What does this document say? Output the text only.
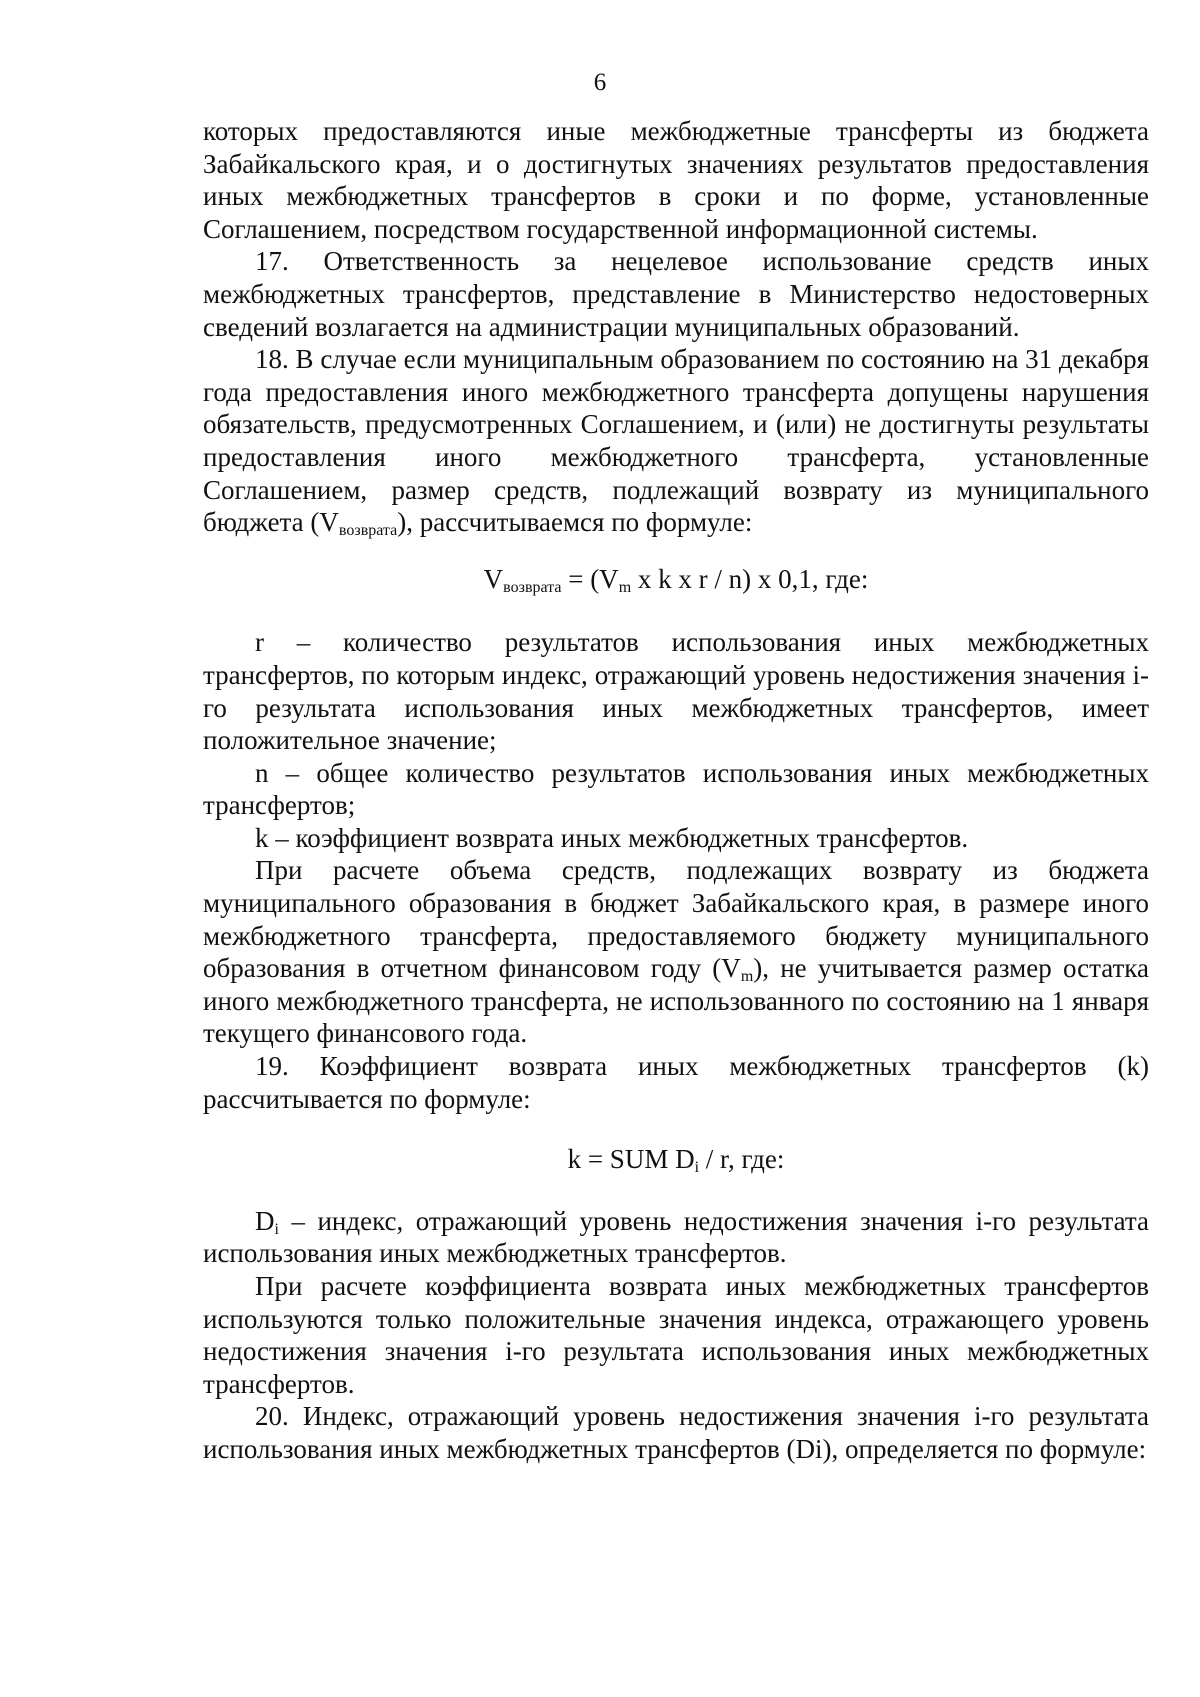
6

которых предоставляются иные межбюджетные трансферты из бюджета Забайкальского края, и о достигнутых значениях результатов предоставления иных межбюджетных трансфертов в сроки и по форме, установленные Соглашением, посредством государственной информационной системы.

17. Ответственность за нецелевое использование средств иных межбюджетных трансфертов, представление в Министерство недостоверных сведений возлагается на администрации муниципальных образований.

18. В случае если муниципальным образованием по состоянию на 31 декабря года предоставления иного межбюджетного трансферта допущены нарушения обязательств, предусмотренных Соглашением, и (или) не достигнуты результаты предоставления иного межбюджетного трансферта, установленные Соглашением, размер средств, подлежащий возврату из муниципального бюджета $(V_{возврата})$, рассчитываемся по формуле:

$V_{возврата} = (V_m$ x k x r / n) x 0,1, где:

r – количество результатов использования иных межбюджетных трансфертов, по которым индекс, отражающий уровень недостижения значения i-го результата использования иных межбюджетных трансфертов, имеет положительное значение;

n – общее количество результатов использования иных межбюджетных трансфертов;

k – коэффициент возврата иных межбюджетных трансфертов.

При расчете объема средств, подлежащих возврату из бюджета муниципального образования в бюджет Забайкальского края, в размере иного межбюджетного трансферта, предоставляемого бюджету муниципального образования в отчетном финансовом году $(V_m)$, не учитывается размер остатка иного межбюджетного трансферта, не использованного по состоянию на 1 января текущего финансового года.

19. Коэффициент возврата иных межбюджетных трансфертов (k) рассчитывается по формуле:

k = SUM $D_i$ / r, где:

$D_i$ – индекс, отражающий уровень недостижения значения i-го результата использования иных межбюджетных трансфертов.

При расчете коэффициента возврата иных межбюджетных трансфертов используются только положительные значения индекса, отражающего уровень недостижения значения i-го результата использования иных межбюджетных трансфертов.

20. Индекс, отражающий уровень недостижения значения i-го результата использования иных межбюджетных трансфертов (Di), определяется по формуле:
